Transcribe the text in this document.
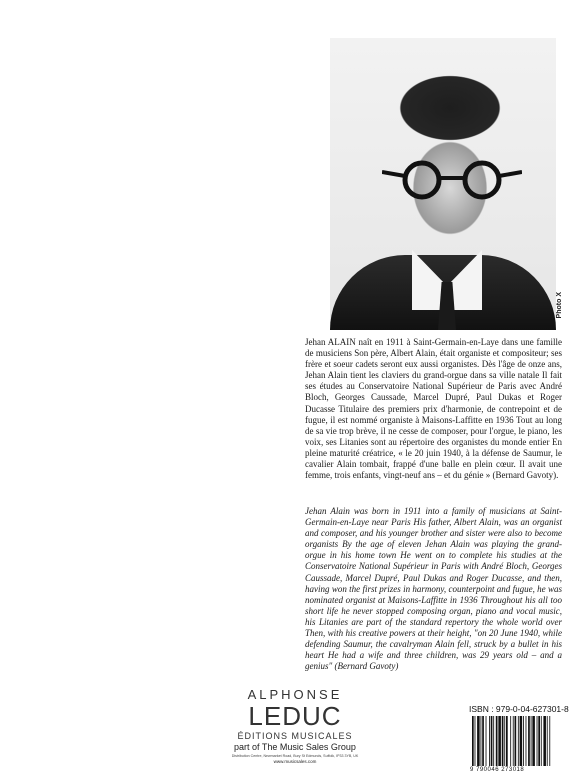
Photo X
Jehan ALAIN naît en 1911 à Saint-Germain-en-Laye dans une famille de musiciens Son père, Albert Alain, était organiste et compositeur; ses frère et soeur cadets seront eux aussi organistes. Dès l'âge de onze ans, Jehan Alain tient les claviers du grand-orgue dans sa ville natale Il fait ses études au Conservatoire National Supérieur de Paris avec André Bloch, Georges Caussade, Marcel Dupré, Paul Dukas et Roger Ducasse Titulaire des premiers prix d'harmonie, de contrepoint et de fugue, il est nommé organiste à Maisons-Laffitte en 1936 Tout au long de sa vie trop brève, il ne cesse de composer, pour l'orgue, le piano, les voix, ses Litanies sont au répertoire des organistes du monde entier En pleine maturité créatrice, « le 20 juin 1940, à la défense de Saumur, le cavalier Alain tombait, frappé d'une balle en plein cœur. Il avait une femme, trois enfants, vingt-neuf ans – et du génie » (Bernard Gavoty).
Jehan Alain was born in 1911 into a family of musicians at Saint-Germain-en-Laye near Paris His father, Albert Alain, was an organist and composer, and his younger brother and sister were also to become organists By the age of eleven Jehan Alain was playing the grand-orgue in his home town He went on to complete his studies at the Conservatoire National Supérieur in Paris with André Bloch, Georges Caussade, Marcel Dupré, Paul Dukas and Roger Ducasse, and then, having won the first prizes in harmony, counterpoint and fugue, he was nominated organist at Maisons-Laffitte in 1936 Throughout his all too short life he never stopped composing organ, piano and vocal music, his Litanies are part of the standard repertory the whole world over Then, with his creative powers at their height, "on 20 June 1940, while defending Saumur, the cavalryman Alain fell, struck by a bullet in his heart He had a wife and three children, was 29 years old – and a genius" (Bernard Gavoty)
ALPHONSE
LEDUC
ÉDITIONS MUSICALES
part of The Music Sales Group
Distribution Centre, Newmarket Road, Bury St Edmunds, Suffolk, IP33 3YB, UK
www.musicsales.com
ISBN : 979-0-04-627301-8
9 790046 273018
